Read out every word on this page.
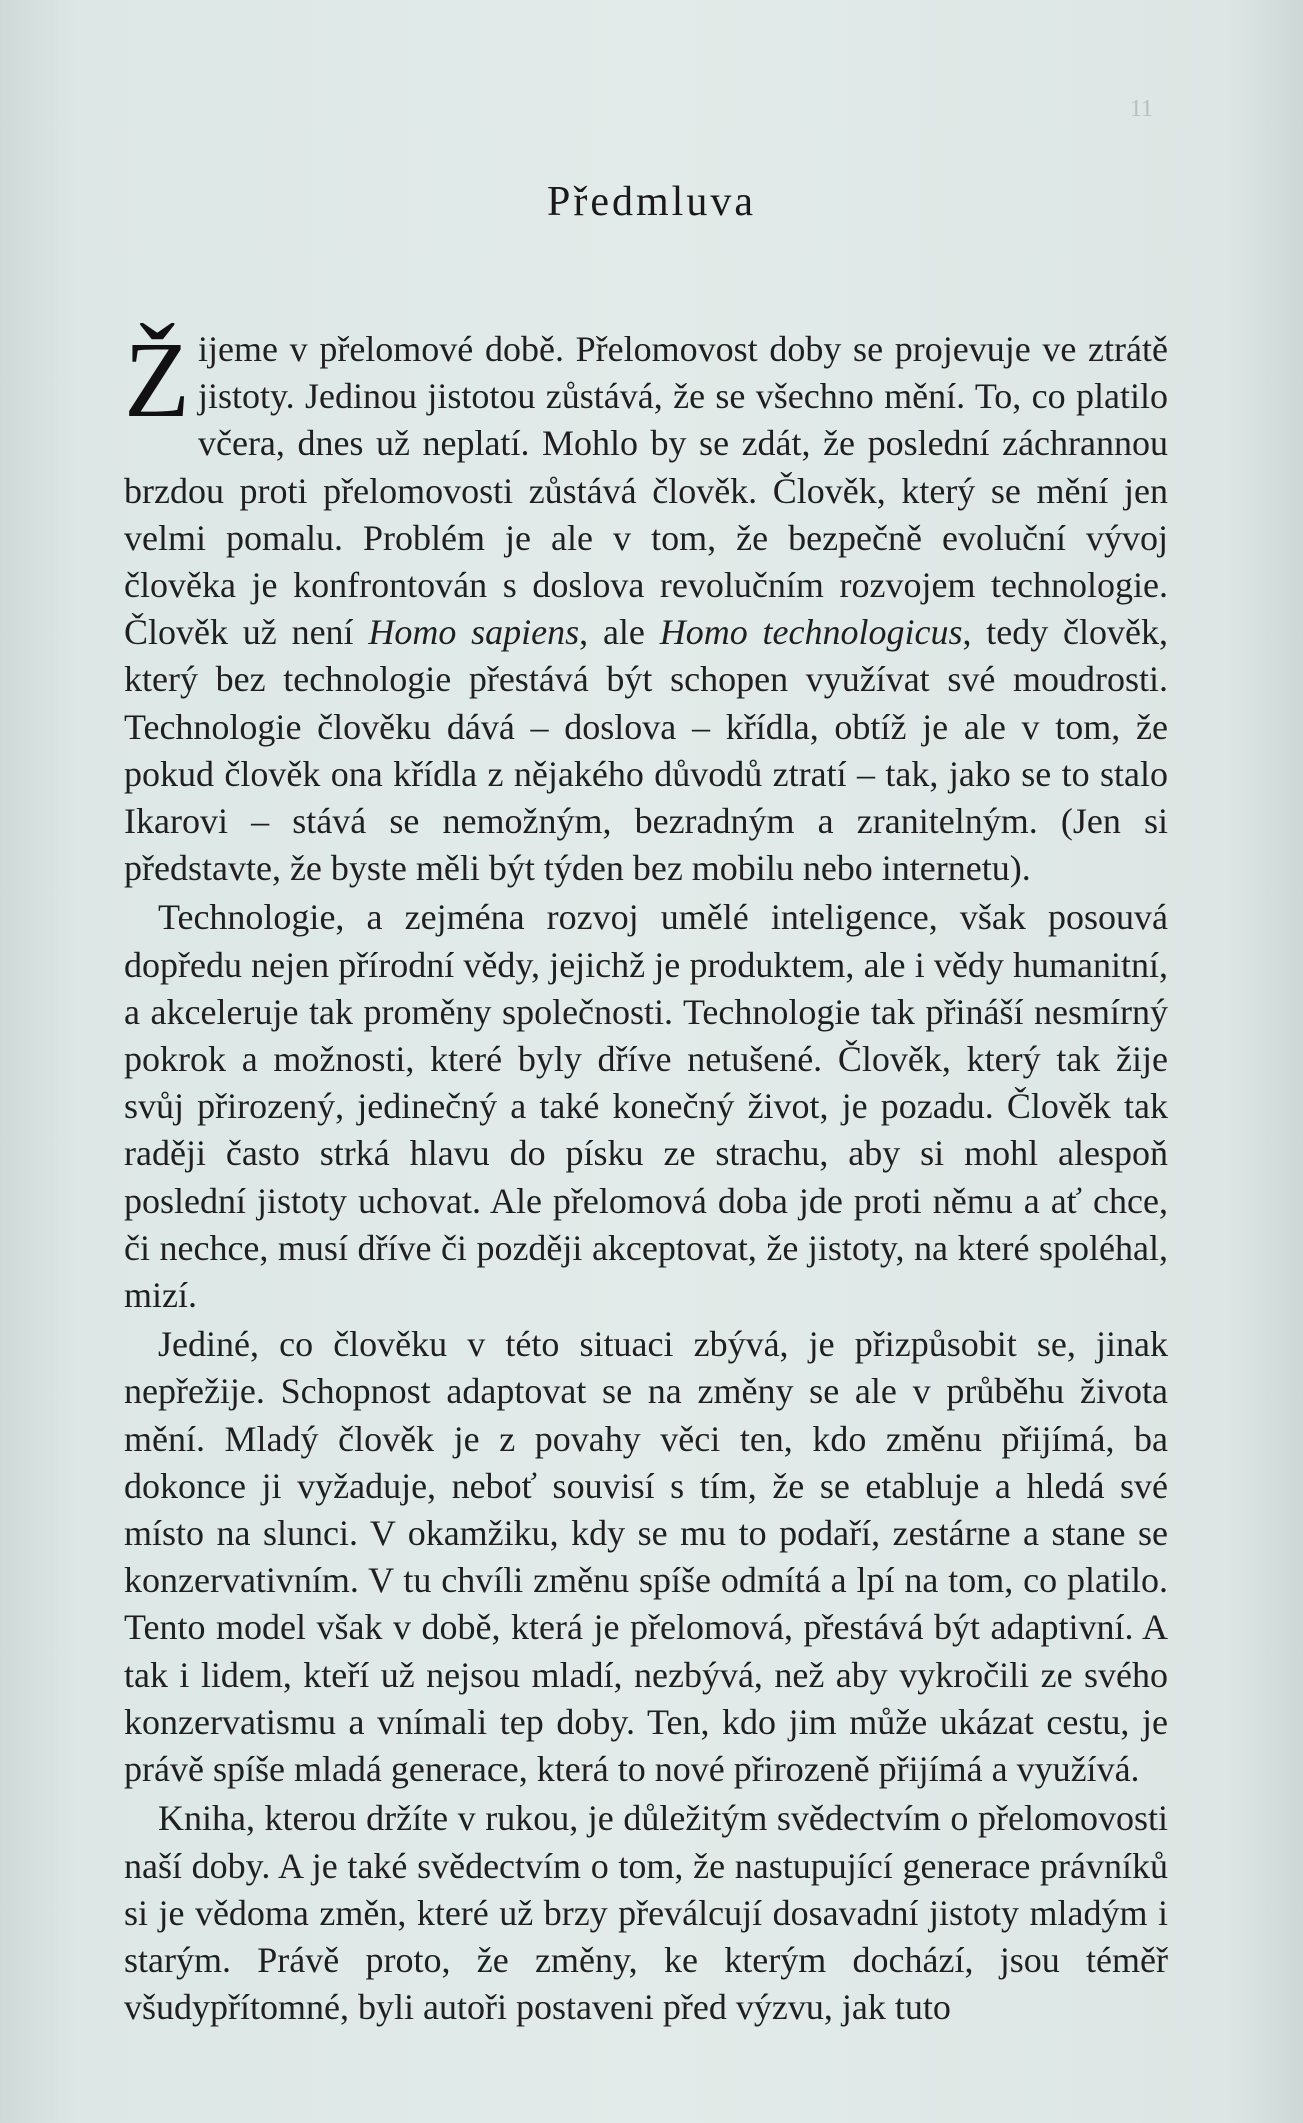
11
Předmluva

Žijeme v přelomové době. Přelomovost doby se projevuje ve ztrátě jistoty. Jedinou jistotou zůstává, že se všechno mění. To, co platilo včera, dnes už neplatí. Mohlo by se zdát, že poslední záchrannou brzdou proti přelomovosti zůstává člověk. Člověk, který se mění jen velmi pomalu. Problém je ale v tom, že bezpečně evoluční vývoj člověka je konfrontován s doslova revolučním rozvojem technologie. Člověk už není Homo sapiens, ale Homo technologicus, tedy člověk, který bez technologie přestává být schopen využívat své moudrosti. Technologie člověku dává – doslova – křídla, obtíž je ale v tom, že pokud člověk ona křídla z nějakého důvodů ztratí – tak, jako se to stalo Ikarovi – stává se nemožným, bezradným a zranitelným. (Jen si představte, že byste měli být týden bez mobilu nebo internetu).

Technologie, a zejména rozvoj umělé inteligence, však posouvá dopředu nejen přírodní vědy, jejichž je produktem, ale i vědy humanitní, a akceleruje tak proměny společnosti. Technologie tak přináší nesmírný pokrok a možnosti, které byly dříve netušené. Člověk, který tak žije svůj přirozený, jedinečný a také konečný život, je pozadu. Člověk tak raději často strká hlavu do písku ze strachu, aby si mohl alespoň poslední jistoty uchovat. Ale přelomová doba jde proti němu a ať chce, či nechce, musí dříve či později akceptovat, že jistoty, na které spoléhal, mizí.

Jediné, co člověku v této situaci zbývá, je přizpůsobit se, jinak nepřežije. Schopnost adaptovat se na změny se ale v průběhu života mění. Mladý člověk je z povahy věci ten, kdo změnu přijímá, ba dokonce ji vyžaduje, neboť souvisí s tím, že se etabluje a hledá své místo na slunci. V okamžiku, kdy se mu to podaří, zestárne a stane se konzervativním. V tu chvíli změnu spíše odmítá a lpí na tom, co platilo. Tento model však v době, která je přelomová, přestává být adaptivní. A tak i lidem, kteří už nejsou mladí, nezbývá, než aby vykročili ze svého konzervatismu a vnímali tep doby. Ten, kdo jim může ukázat cestu, je právě spíše mladá generace, která to nové přirozeně přijímá a využívá.

Kniha, kterou držíte v rukou, je důležitým svědectvím o přelomovosti naší doby. A je také svědectvím o tom, že nastupující generace právníků si je vědoma změn, které už brzy převálcují dosavadní jistoty mladým i starým. Právě proto, že změny, ke kterým dochází, jsou téměř všudypřítomné, byli autoři postaveni před výzvu, jak tuto
